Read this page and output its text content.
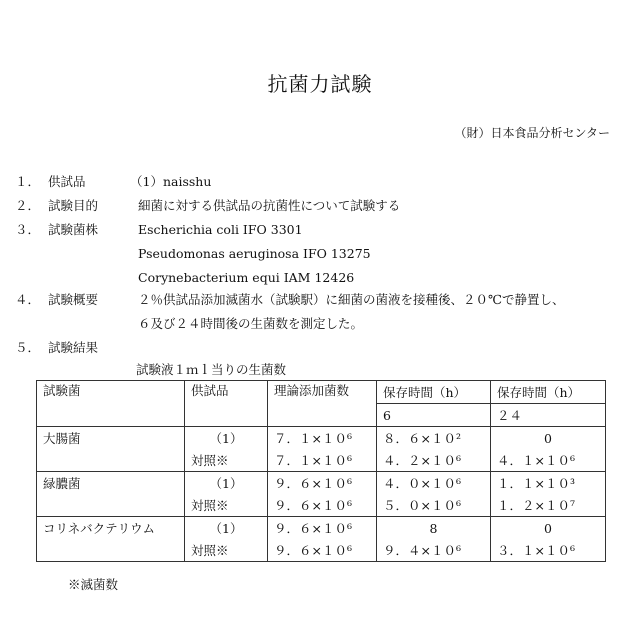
抗菌力試験
（財）日本食品分析センター
１． 供試品	（1）naisshu
２． 試験目的	細菌に対する供試品の抗菌性について試験する
３． 試験菌株	Escherichia coli IFO 3301
Pseudomonas aeruginosa IFO 13275
Corynebacterium equi IAM 12426
４． 試験概要	２％供試品添加滅菌水（試験駅）に細菌の菌液を接種後、２０℃で静置し、
６及び２４時間後の生菌数を測定した。
５． 試験結果
試験液１ｍｌ当りの生菌数
試験菌	供試品	理論添加菌数	保存時間（h）	保存時間（h）
			6	２４
大腸菌	（1）	７．１×１０⁶	８．６×１０²	0
	対照※	７．１×１０⁶	４．２×１０⁶	４．１×１０⁶
緑膿菌	（1）	９．６×１０⁶	４．０×１０⁶	１．１×１０³
	対照※	９．６×１０⁶	５．０×１０⁶	１．２×１０⁷
コリネバクテリウム	（1）	９．６×１０⁶	8	0
	対照※	９．６×１０⁶	９．４×１０⁶	３．１×１０⁶
※滅菌数
